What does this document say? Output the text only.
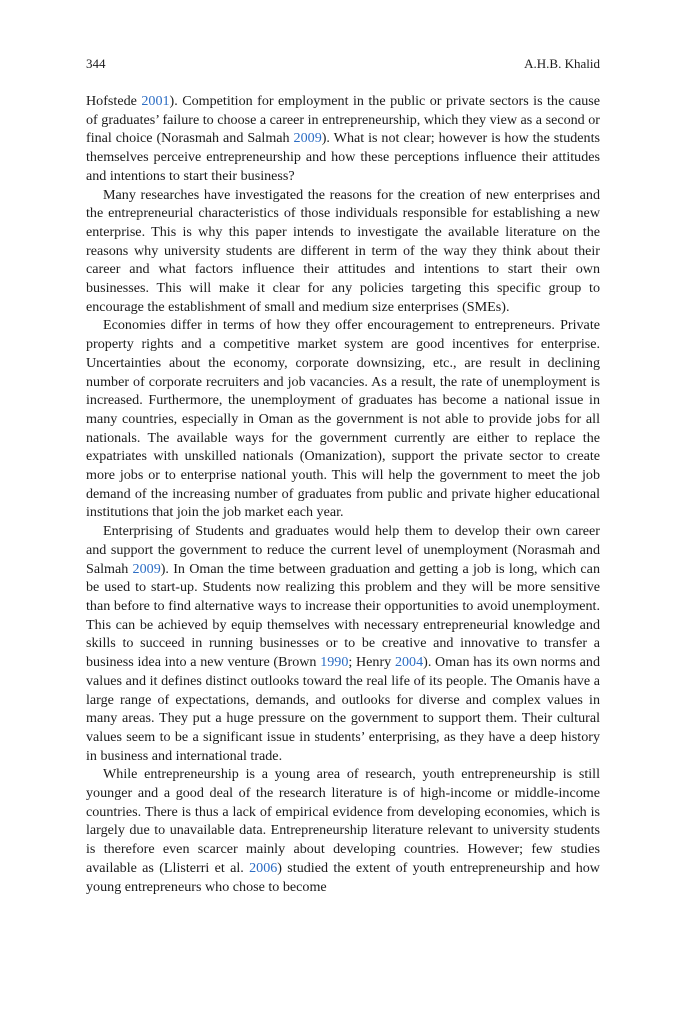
344	A.H.B. Khalid

Hofstede 2001). Competition for employment in the public or private sectors is the cause of graduates’ failure to choose a career in entrepreneurship, which they view as a second or final choice (Norasmah and Salmah 2009). What is not clear; however is how the students themselves perceive entrepreneurship and how these perceptions influence their attitudes and intentions to start their business?

Many researches have investigated the reasons for the creation of new enterprises and the entrepreneurial characteristics of those individuals responsible for establishing a new enterprise. This is why this paper intends to investigate the available literature on the reasons why university students are different in term of the way they think about their career and what factors influence their attitudes and intentions to start their own businesses. This will make it clear for any policies targeting this specific group to encourage the establishment of small and medium size enterprises (SMEs).

Economies differ in terms of how they offer encouragement to entrepreneurs. Private property rights and a competitive market system are good incentives for enterprise. Uncertainties about the economy, corporate downsizing, etc., are result in declining number of corporate recruiters and job vacancies. As a result, the rate of unemployment is increased. Furthermore, the unemployment of graduates has become a national issue in many countries, especially in Oman as the government is not able to provide jobs for all nationals. The available ways for the government currently are either to replace the expatriates with unskilled nationals (Omanization), support the private sector to create more jobs or to enterprise national youth. This will help the government to meet the job demand of the increasing number of graduates from public and private higher educational institutions that join the job market each year.

Enterprising of Students and graduates would help them to develop their own career and support the government to reduce the current level of unemployment (Norasmah and Salmah 2009). In Oman the time between graduation and getting a job is long, which can be used to start-up. Students now realizing this problem and they will be more sensitive than before to find alternative ways to increase their opportunities to avoid unemployment. This can be achieved by equip themselves with necessary entrepreneurial knowledge and skills to succeed in running businesses or to be creative and innovative to transfer a business idea into a new venture (Brown 1990; Henry 2004). Oman has its own norms and values and it defines distinct outlooks toward the real life of its people. The Omanis have a large range of expectations, demands, and outlooks for diverse and complex values in many areas. They put a huge pressure on the government to support them. Their cultural values seem to be a significant issue in students’ enterprising, as they have a deep history in business and international trade.

While entrepreneurship is a young area of research, youth entrepreneurship is still younger and a good deal of the research literature is of high-income or middle-income countries. There is thus a lack of empirical evidence from developing economies, which is largely due to unavailable data. Entrepreneurship literature relevant to university students is therefore even scarcer mainly about developing countries. However; few studies available as (Llisterri et al. 2006) studied the extent of youth entrepreneurship and how young entrepreneurs who chose to become
